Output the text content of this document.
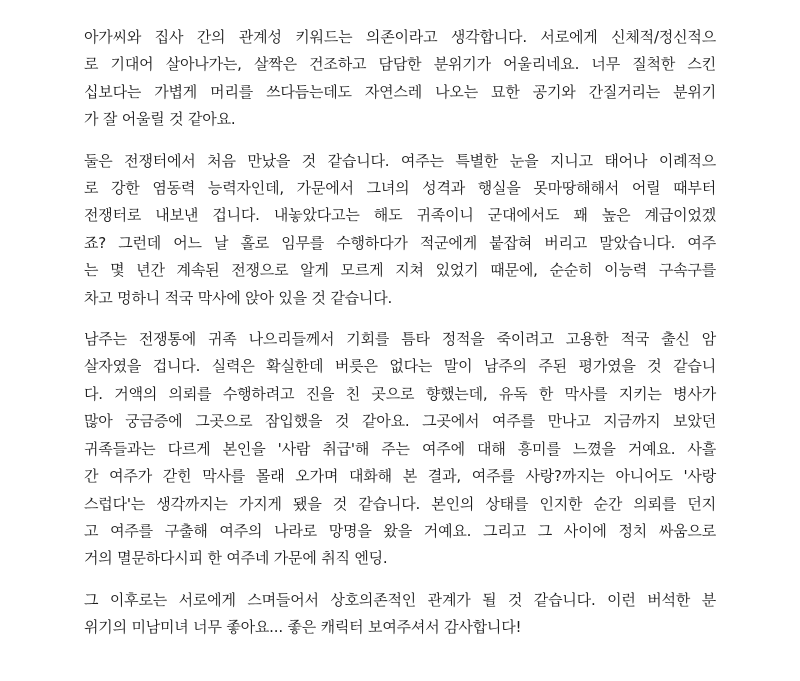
아가씨와 집사 간의 관계성 키워드는 의존이라고 생각합니다. 서로에게 신체적/정신적으
로 기대어 살아나가는, 살짝은 건조하고 담담한 분위기가 어울리네요. 너무 질척한 스킨
십보다는 가볍게 머리를 쓰다듬는데도 자연스레 나오는 묘한 공기와 간질거리는 분위기
가 잘 어울릴 것 같아요.
둘은 전쟁터에서 처음 만났을 것 같습니다. 여주는 특별한 눈을 지니고 태어나 이례적으
로 강한 염동력 능력자인데, 가문에서 그녀의 성격과 행실을 못마땅해해서 어릴 때부터
전쟁터로 내보낸 겁니다. 내놓았다고는 해도 귀족이니 군대에서도 꽤 높은 계급이었겠
죠? 그런데 어느 날 홀로 임무를 수행하다가 적군에게 붙잡혀 버리고 말았습니다. 여주
는 몇 년간 계속된 전쟁으로 알게 모르게 지쳐 있었기 때문에, 순순히 이능력 구속구를
차고 멍하니 적국 막사에 앉아 있을 것 같습니다.
남주는 전쟁통에 귀족 나으리들께서 기회를 틈타 정적을 죽이려고 고용한 적국 출신 암
살자였을 겁니다. 실력은 확실한데 버릇은 없다는 말이 남주의 주된 평가였을 것 같습니
다. 거액의 의뢰를 수행하려고 진을 친 곳으로 향했는데, 유독 한 막사를 지키는 병사가
많아 궁금증에 그곳으로 잠입했을 것 같아요. 그곳에서 여주를 만나고 지금까지 보았던
귀족들과는 다르게 본인을 '사람 취급'해 주는 여주에 대해 흥미를 느꼈을 거예요. 사흘
간 여주가 갇힌 막사를 몰래 오가며 대화해 본 결과, 여주를 사랑?까지는 아니어도 '사랑
스럽다'는 생각까지는 가지게 됐을 것 같습니다. 본인의 상태를 인지한 순간 의뢰를 던지
고 여주를 구출해 여주의 나라로 망명을 왔을 거예요. 그리고 그 사이에 정치 싸움으로
거의 멸문하다시피 한 여주네 가문에 취직 엔딩.
그 이후로는 서로에게 스며들어서 상호의존적인 관계가 될 것 같습니다. 이런 버석한 분
위기의 미남미녀 너무 좋아요... 좋은 캐릭터 보여주셔서 감사합니다!
